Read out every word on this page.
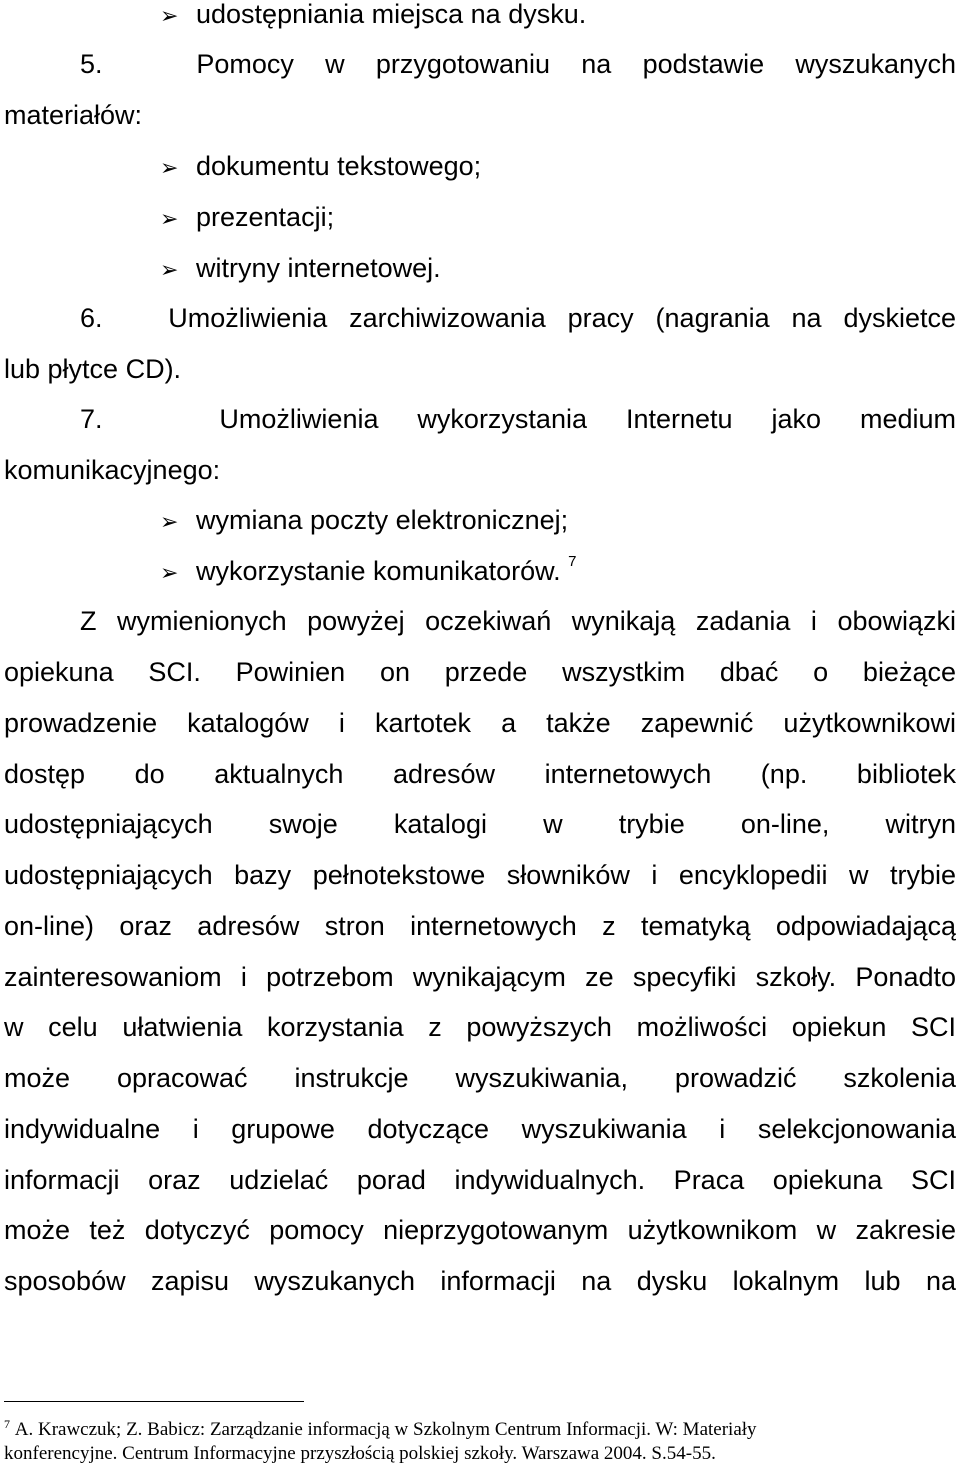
➢ udostępniania miejsca na dysku.
5.	Pomocy w przygotowaniu na podstawie wyszukanych
materiałów:
➢ dokumentu tekstowego;
➢ prezentacji;
➢ witryny internetowej.
6. Umożliwienia zarchiwizowania pracy (nagrania na dyskietce
lub płytce CD).
7.	Umożliwienia wykorzystania Internetu jako medium
komunikacyjnego:
➢ wymiana poczty elektronicznej;
➢ wykorzystanie komunikatorów. $^7$
Z wymienionych powyżej oczekiwań wynikają zadania i obowiązki
opiekuna SCI. Powinien on przede wszystkim dbać o bieżące
prowadzenie katalogów i kartotek a także zapewnić użytkownikowi
dostęp do aktualnych adresów internetowych (np. bibliotek
udostępniających swoje katalogi w trybie on-line, witryn
udostępniających bazy pełnotekstowe słowników i encyklopedii w trybie
on-line) oraz adresów stron internetowych z tematyką odpowiadającą
zainteresowaniom i potrzebom wynikającym ze specyfiki szkoły. Ponadto
w celu ułatwienia korzystania z powyższych możliwości opiekun SCI
może opracować instrukcje wyszukiwania, prowadzić szkolenia
indywidualne i grupowe dotyczące wyszukiwania i selekcjonowania
informacji oraz udzielać porad indywidualnych. Praca opiekuna SCI
może też dotyczyć pomocy nieprzygotowanym użytkownikom w zakresie
sposobów zapisu wyszukanych informacji na dysku lokalnym lub na
$^7$ A. Krawczuk; Z. Babicz: Zarządzanie informacją w Szkolnym Centrum Informacji. W: Materiały
konferencyjne. Centrum Informacyjne przyszłością polskiej szkoły. Warszawa 2004. S.54-55.
